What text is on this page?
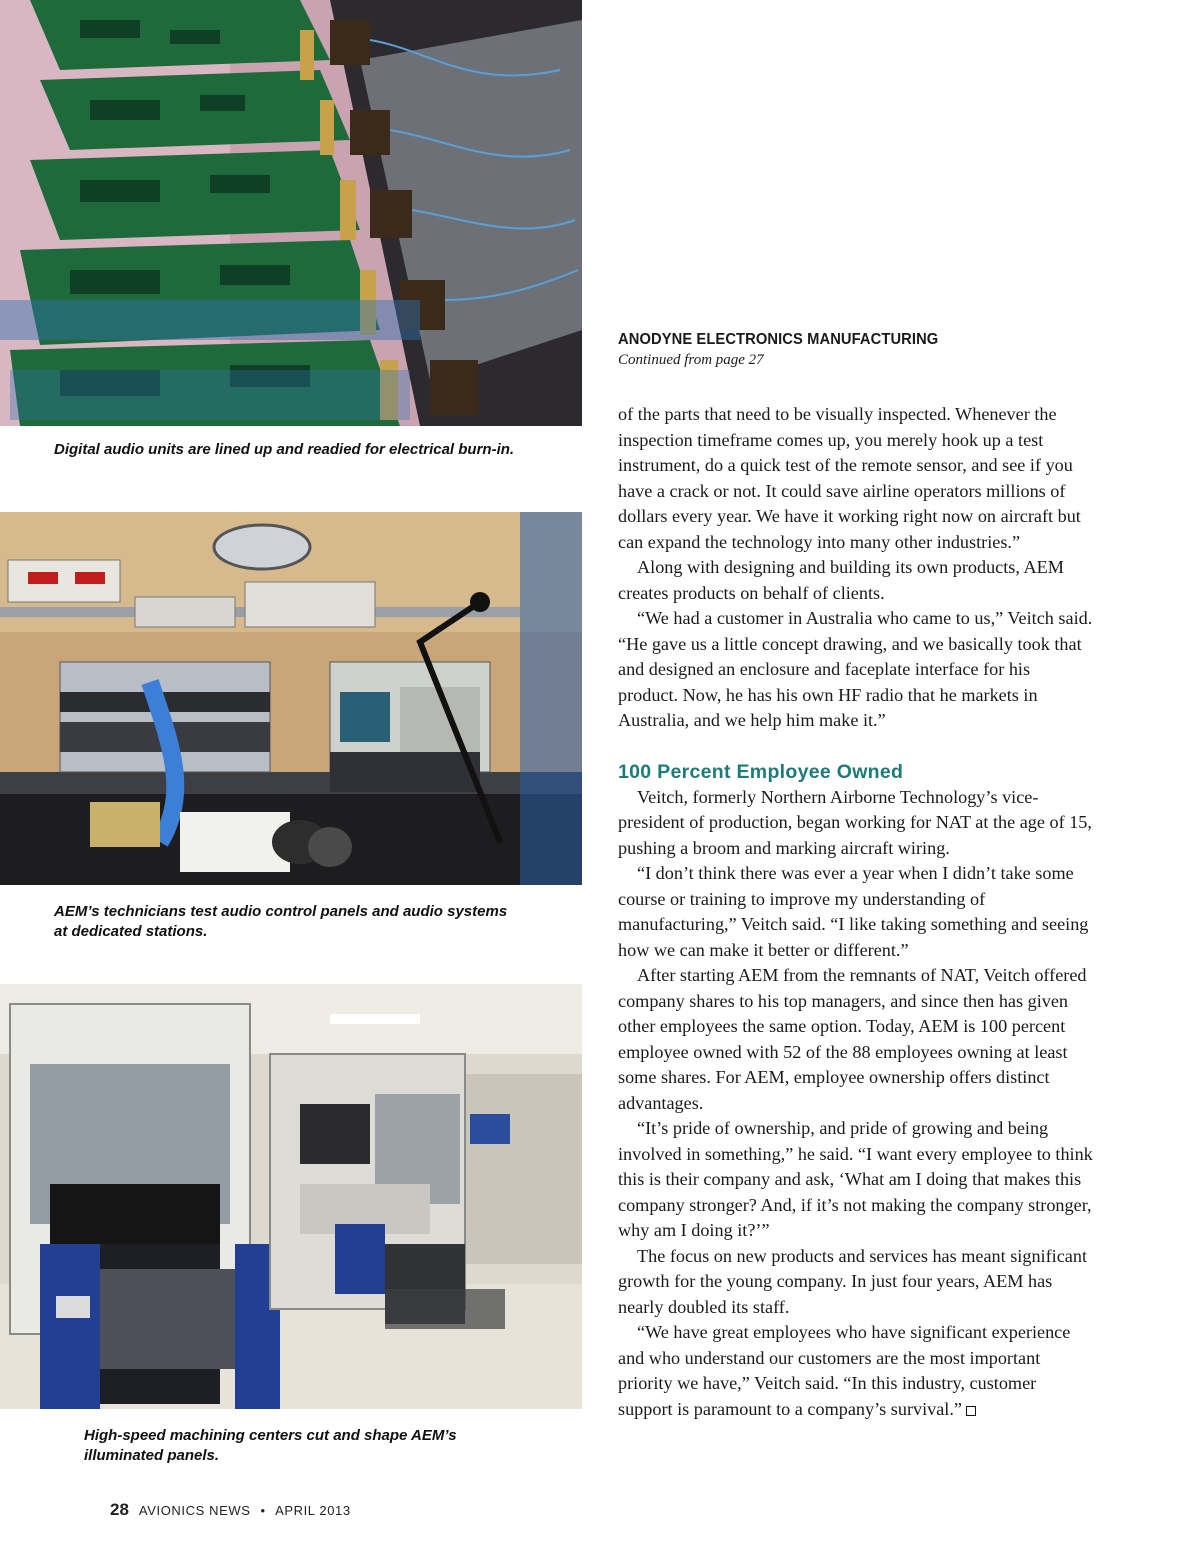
Digital audio units are lined up and readied for electrical burn-in.
AEM’s technicians test audio control panels and audio systems at dedicated stations.
High-speed machining centers cut and shape AEM’s illuminated panels.
ANODYNE ELECTRONICS MANUFACTURING
Continued from page 27

of the parts that need to be visually inspected. Whenever the inspection timeframe comes up, you merely hook up a test instrument, do a quick test of the remote sensor, and see if you have a crack or not. It could save airline operators millions of dollars every year. We have it working right now on aircraft but can expand the technology into many other industries.”

Along with designing and building its own products, AEM creates products on behalf of clients.

“We had a customer in Australia who came to us,” Veitch said. “He gave us a little concept drawing, and we basically took that and designed an enclosure and faceplate interface for his product. Now, he has his own HF radio that he markets in Australia, and we help him make it.”

100 Percent Employee Owned

Veitch, formerly Northern Airborne Technology’s vice-president of production, began working for NAT at the age of 15, pushing a broom and marking aircraft wiring.

“I don’t think there was ever a year when I didn’t take some course or training to improve my understanding of manufacturing,” Veitch said. “I like taking something and seeing how we can make it better or different.”

After starting AEM from the remnants of NAT, Veitch offered company shares to his top managers, and since then has given other employees the same option. Today, AEM is 100 percent employee owned with 52 of the 88 employees owning at least some shares. For AEM, employee ownership offers distinct advantages.

“It’s pride of ownership, and pride of growing and being involved in something,” he said. “I want every employee to think this is their company and ask, ‘What am I doing that makes this company stronger? And, if it’s not making the company stronger, why am I doing it?’”

The focus on new products and services has meant significant growth for the young company. In just four years, AEM has nearly doubled its staff.

“We have great employees who have significant experience and who understand our customers are the most important priority we have,” Veitch said. “In this industry, customer support is paramount to a company’s survival.”

28 AVIONICS NEWS • APRIL 2013
